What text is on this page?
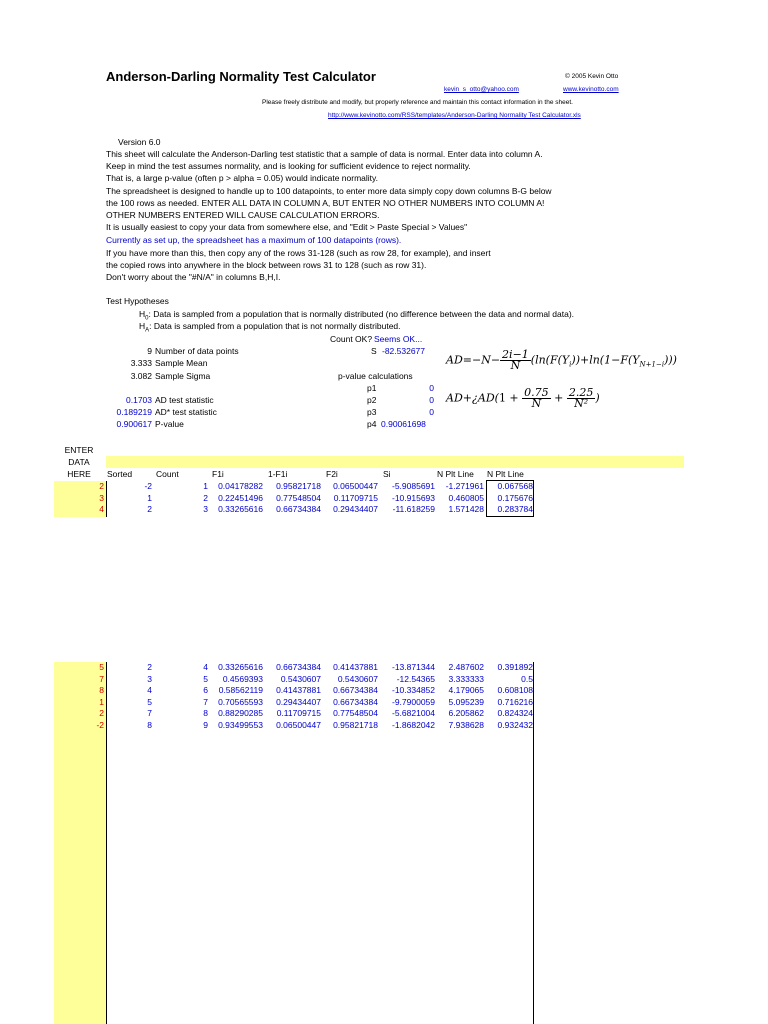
Anderson-Darling Normality Test Calculator	© 2005 Kevin Otto
kevin_s_otto@yahoo.com	www.kevinotto.com
Please freely distribute and modify, but properly reference and maintain this contact information in the sheet.
http://www.kevinotto.com/RSS/templates/Anderson-Darling Normality Test Calculator.xls
Version 6.0
This sheet will calculate the Anderson-Darling test statistic that a sample of data is normal. Enter data into column A.
Keep in mind the test assumes normality, and is looking for sufficient evidence to reject normality.
That is, a large p-value (often p > alpha = 0.05) would indicate normality.
The spreadsheet is designed to handle up to 100 datapoints, to enter more data simply copy down columns B-G below
the 100 rows as needed. ENTER ALL DATA IN COLUMN A, BUT ENTER NO OTHER NUMBERS INTO COLUMN A!
OTHER NUMBERS ENTERED WILL CAUSE CALCULATION ERRORS.
It is usually easiest to copy your data from somewhere else, and "Edit > Paste Special > Values"
Currently as set up, the spreadsheet has a maximum of 100 datapoints (rows).
If you have more than this, then copy any of the rows 31-128 (such as row 28, for example), and insert
the copied rows into anywhere in the block between rows 31 to 128 (such as row 31).
Don't worry about the "#N/A" in columns B,H,I.
Test Hypotheses
$H_0$: Data is sampled from a population that is normally distributed (no difference between the data and normal data).
$H_A$: Data is sampled from a population that is not normally distributed.
Count OK? Seems OK...
9 Number of data points
3.333 Sample Mean
3.082 Sample Sigma
0.1703 AD test statistic
0.189219 AD* test statistic
0.900617 P-value
S -82.532677
p-value calculations
p1	0
p2	0
p3	0
p4 0.90061698
$AD=-N- \frac{2i-1}{N} (\ln(F(Y_i))+\ln(1-F(Y_{N+1-i})))$
AD+¿AD(1 + $\frac{0.75}{N} + \frac{2.25}{\text{N²}}$ )
ENTER
DATA
HERE	Sorted	Count	F1i	1-F1i	F2i	Si	N Plt Line N Plt Line
2	-2	1	0.04178282	0.95821718	0.06500447	-5.9085691	-1.271961	0.067568
3	1	2	0.22451496	0.77548504	0.11709715	-10.915693	0.460805	0.175676
4	2	3	0.33265616	0.66734384	0.29434407	-11.618259	1.571428	0.283784
5	2	4	0.33265616	0.66734384	0.41437881	-13.871344	2.487602	0.391892
7	3	5	0.4569393	0.5430607	0.5430607	-12.54365	3.333333	0.5
8	4	6	0.58562119	0.41437881	0.66734384	-10.334852	4.179065	0.608108
1	5	7	0.70565593	0.29434407	0.66734384	-9.7900059	5.095239	0.716216
2	7	8	0.88290285	0.11709715	0.77548504	-5.6821004	6.205862	0.824324
-2	8	9	0.93499553	0.06500447	0.95821718	-1.8682042	7.938628	0.932432
